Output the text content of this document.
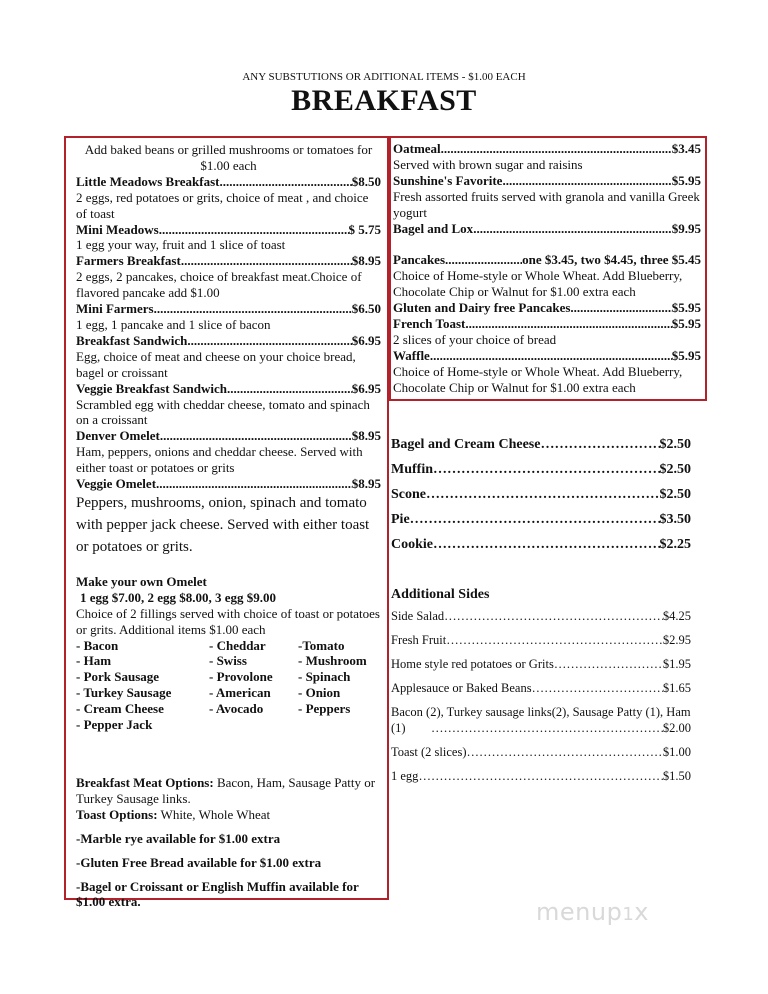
ANY SUBSTUTIONS OR ADITIONAL ITEMS - $1.00 EACH
BREAKFAST
Add baked beans or grilled mushrooms or tomatoes for $1.00 each
Little Meadows Breakfast .....	$8.50
2 eggs, red potatoes or grits, choice of meat , and choice of toast
Mini Meadows .....	$ 5.75
1 egg your way, fruit and 1 slice of toast
Farmers Breakfast .....	$8.95
2 eggs, 2 pancakes, choice of breakfast meat.Choice of flavored pancake add $1.00
Mini Farmers .....	$6.50
1 egg, 1 pancake and 1 slice of bacon
Breakfast Sandwich .....	$6.95
Egg, choice of meat and cheese on your choice bread, bagel or croissant
Veggie Breakfast Sandwich .....	$6.95
Scrambled egg with cheddar cheese, tomato and spinach on a croissant
Denver Omelet .....	$8.95
Ham, peppers, onions and cheddar cheese. Served with either toast or potatoes or grits
Veggie Omelet .....	$8.95
Peppers, mushrooms, onion, spinach and tomato with pepper jack cheese. Served with either toast or potatoes or grits.
Make your own Omelet
1 egg $7.00, 2 egg $8.00, 3 egg $9.00
Choice of 2 fillings served with choice of toast or potatoes or grits. Additional items $1.00 each
- Bacon	- Cheddar	-Tomato
- Ham	- Swiss	- Mushroom
- Pork Sausage	- Provolone	- Spinach
- Turkey Sausage	- American	- Onion
- Cream Cheese	- Avocado	- Peppers
- Pepper Jack
Breakfast Meat Options: Bacon, Ham, Sausage Patty or Turkey Sausage links.
Toast Options: White, Whole Wheat
-Marble rye available for $1.00 extra
-Gluten Free Bread available for $1.00 extra
-Bagel or Croissant or English Muffin available for $1.00 extra.
Oatmeal .....	$3.45
Served with brown sugar and raisins
Sunshine's Favorite .....	$5.95
Fresh assorted fruits served with granola and vanilla Greek yogurt
Bagel and Lox .....	$9.95
Pancakes .....	one $3.45, two $4.45, three $5.45
Choice of Home-style or Whole Wheat. Add Blueberry, Chocolate Chip or Walnut for $1.00 extra each
Gluten and Dairy free Pancakes .....	$5.95
French Toast .....	$5.95
2 slices of your choice of bread
Waffle .....	$5.95
Choice of Home-style or Whole Wheat. Add Blueberry, Chocolate Chip or Walnut for $1.00 extra each
Bagel and Cream Cheese …………………………………………………………………………………………	$2.50
Muffin …………………………………………………………………………………………	$2.50
Scone …………………………………………………………………………………………	$2.50
Pie …………………………………………………………………………………………	$3.50
Cookie …………………………………………………………………………………………	$2.25
Additional Sides
Side Salad …………………………………………………………………………………………	$4.25
Fresh Fruit …………………………………………………………………………………………	$2.95
Home style red potatoes or Grits …………………………………………………………………………………………	$1.95
Applesauce or Baked Beans …………………………………………………………………………………………	$1.65
Bacon (2), Turkey sausage links(2), Sausage Patty (1), Ham (1) …………………………………………………………………………………………	$2.00
Toast (2 slices) …………………………………………………………………………………………	$1.00
1 egg …………………………………………………………………………………………	$1.50
menup1x
